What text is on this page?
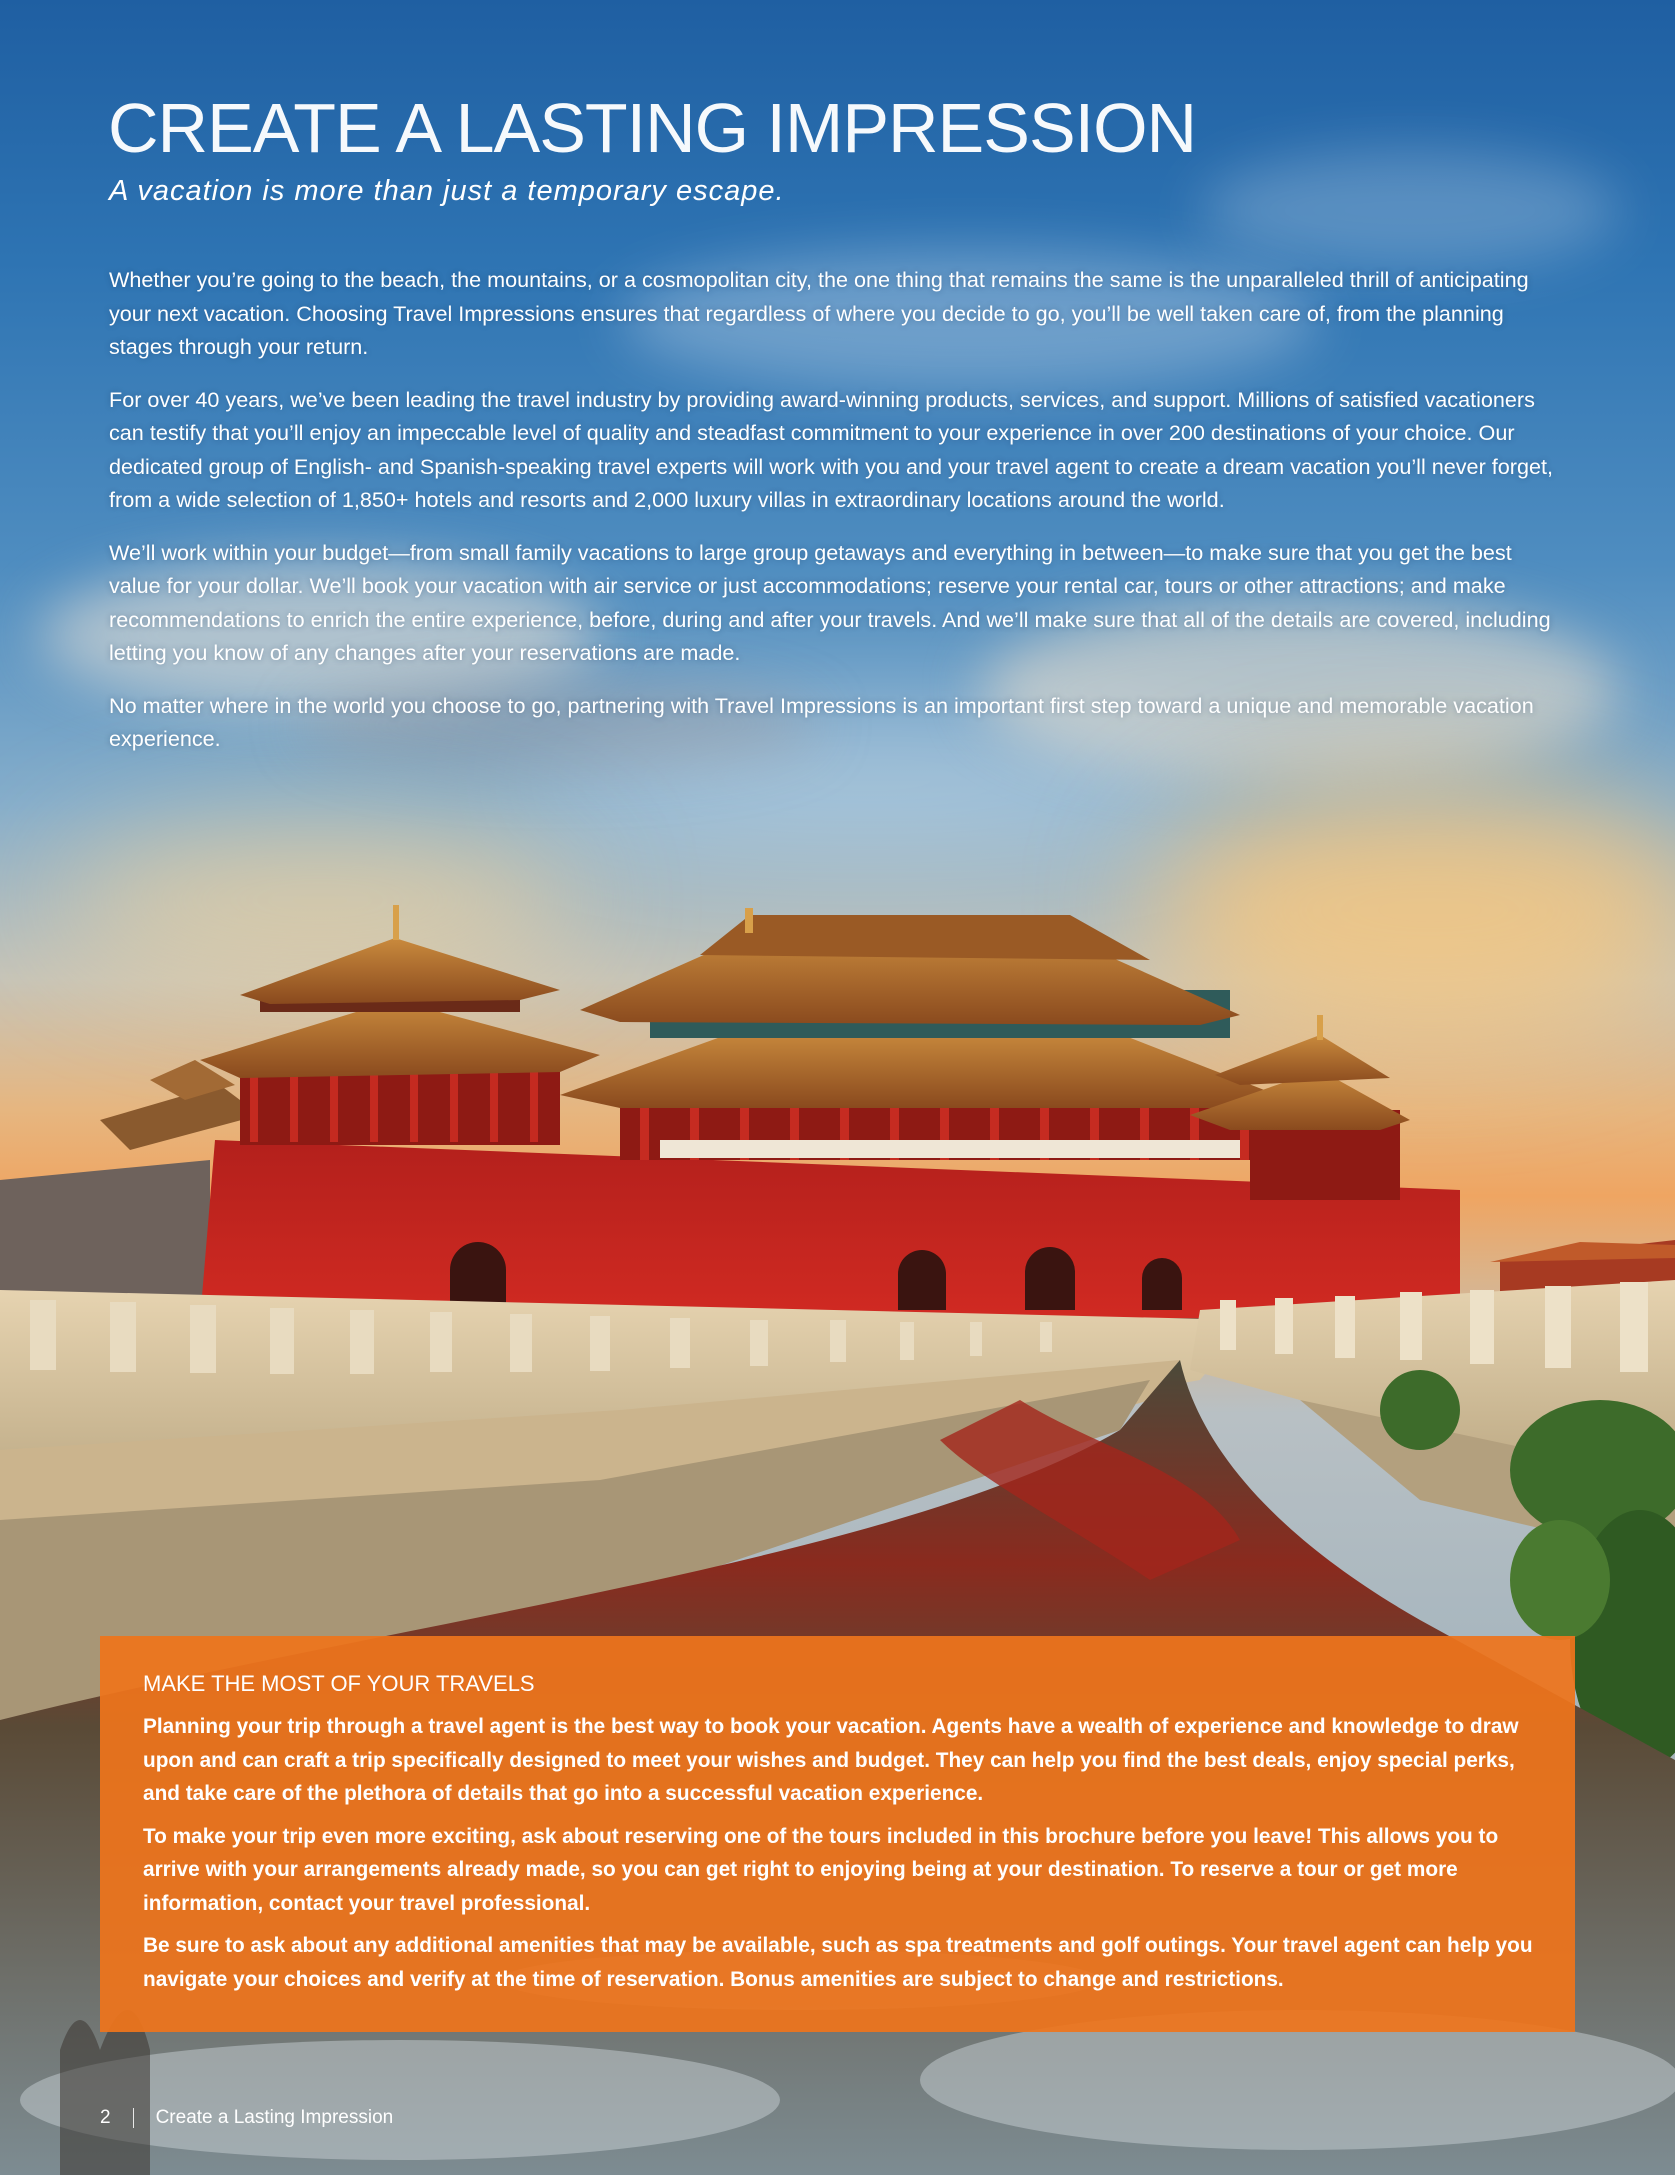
CREATE A LASTING IMPRESSION

A vacation is more than just a temporary escape.

Whether you’re going to the beach, the mountains, or a cosmopolitan city, the one thing that remains the same is the unparalleled thrill of anticipating your next vacation. Choosing Travel Impressions ensures that regardless of where you decide to go, you’ll be well taken care of, from the planning stages through your return.

For over 40 years, we’ve been leading the travel industry by providing award-winning products, services, and support. Millions of satisfied vacationers can testify that you’ll enjoy an impeccable level of quality and steadfast commitment to your experience in over 200 destinations of your choice. Our dedicated group of English- and Spanish-speaking travel experts will work with you and your travel agent to create a dream vacation you’ll never forget, from a wide selection of 1,850+ hotels and resorts and 2,000 luxury villas in extraordinary locations around the world.

We’ll work within your budget—from small family vacations to large group getaways and everything in between—to make sure that you get the best value for your dollar. We’ll book your vacation with air service or just accommodations; reserve your rental car, tours or other attractions; and make recommendations to enrich the entire experience, before, during and after your travels. And we’ll make sure that all of the details are covered, including letting you know of any changes after your reservations are made.

No matter where in the world you choose to go, partnering with Travel Impressions is an important first step toward a unique and memorable vacation experience.

MAKE THE MOST OF YOUR TRAVELS

Planning your trip through a travel agent is the best way to book your vacation. Agents have a wealth of experience and knowledge to draw upon and can craft a trip specifically designed to meet your wishes and budget. They can help you find the best deals, enjoy special perks, and take care of the plethora of details that go into a successful vacation experience.

To make your trip even more exciting, ask about reserving one of the tours included in this brochure before you leave! This allows you to arrive with your arrangements already made, so you can get right to enjoying being at your destination. To reserve a tour or get more information, contact your travel professional.

Be sure to ask about any additional amenities that may be available, such as spa treatments and golf outings. Your travel agent can help you navigate your choices and verify at the time of reservation. Bonus amenities are subject to change and restrictions.

2 Create a Lasting Impression
